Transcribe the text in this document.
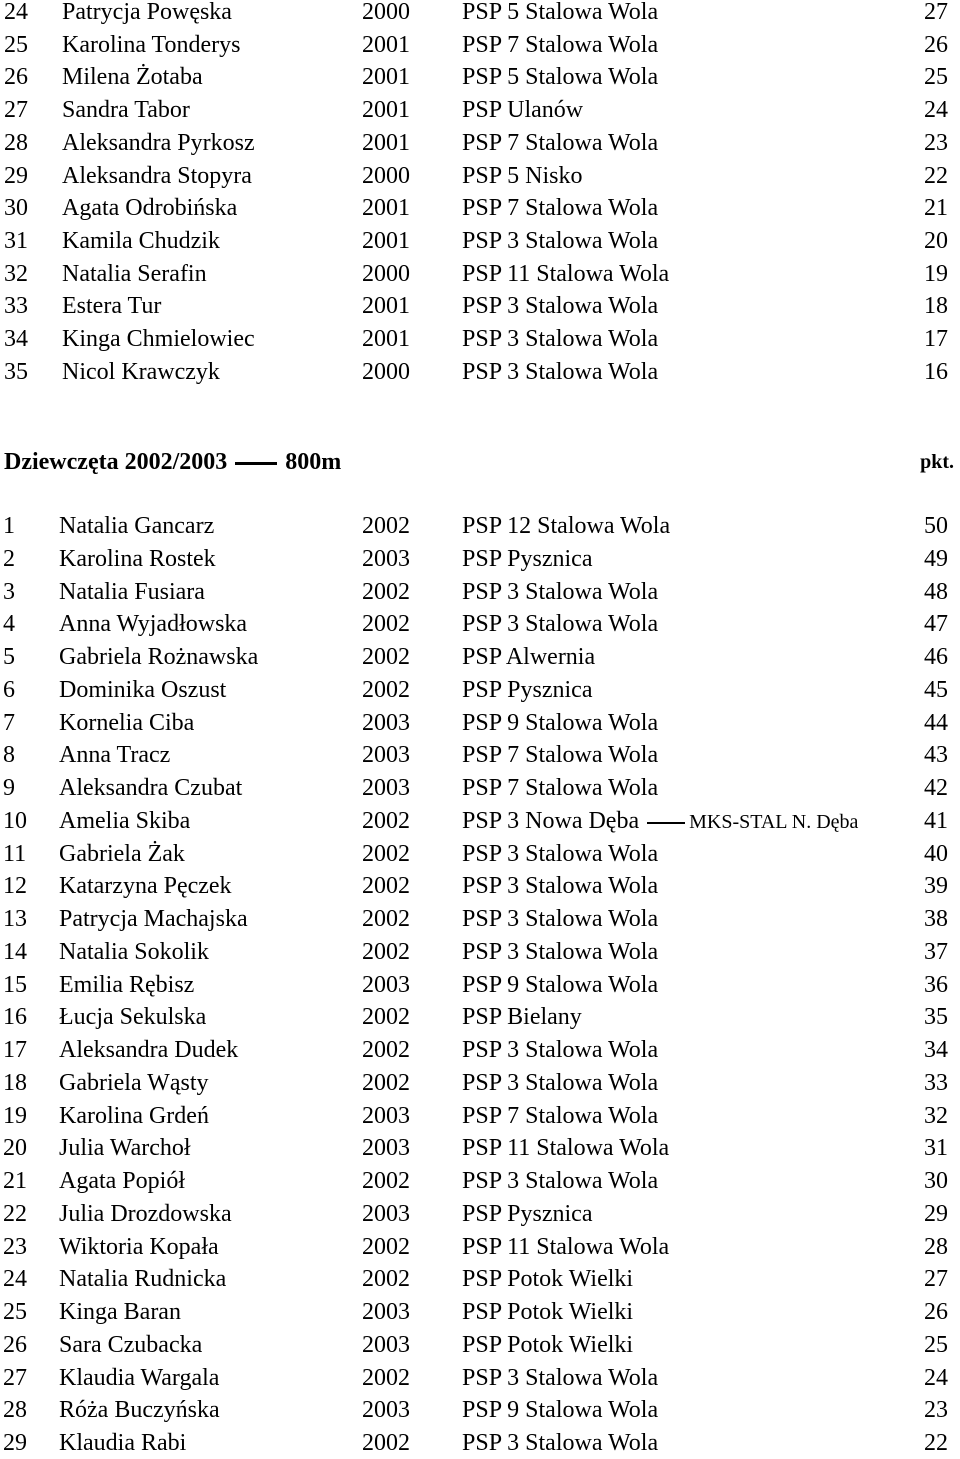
24 Patrycja Powęska	2000 PSP 5 Stalowa Wola	27
25 Karolina Tonderys	2001 PSP 7 Stalowa Wola	26
26 Milena Żotaba	2001 PSP 5 Stalowa Wola	25
27 Sandra Tabor	2001 PSP Ulanów	24
28 Aleksandra Pyrkosz	2001 PSP 7 Stalowa Wola	23
29 Aleksandra Stopyra	2000 PSP 5 Nisko	22
30 Agata Odrobińska	2001 PSP 7 Stalowa Wola	21
31 Kamila Chudzik	2001 PSP 3 Stalowa Wola	20
32 Natalia Serafin	2000 PSP 11 Stalowa Wola	19
33 Estera Tur	2001 PSP 3 Stalowa Wola	18
34 Kinga Chmielowiec	2001 PSP 3 Stalowa Wola	17
35 Nicol Krawczyk	2000 PSP 3 Stalowa Wola	16
Dziewczęta 2002/2003 800m	pkt.
1 Natalia Gancarz	2002 PSP 12 Stalowa Wola	50
2 Karolina Rostek	2003 PSP Pysznica	49
3 Natalia Fusiara	2002 PSP 3 Stalowa Wola	48
4 Anna Wyjadłowska	2002 PSP 3 Stalowa Wola	47
5 Gabriela Rożnawska	2002 PSP Alwernia	46
6 Dominika Oszust	2002 PSP Pysznica	45
7 Kornelia Ciba	2003 PSP 9 Stalowa Wola	44
8 Anna Tracz	2003 PSP 7 Stalowa Wola	43
9 Aleksandra Czubat	2003 PSP 7 Stalowa Wola	42
10 Amelia Skiba	2002 PSP 3 Nowa Dęba	MKS-STAL N. Dęba	41
11 Gabriela Żak	2002 PSP 3 Stalowa Wola	40
12 Katarzyna Pęczek	2002 PSP 3 Stalowa Wola	39
13 Patrycja Machajska	2002 PSP 3 Stalowa Wola	38
14 Natalia Sokolik	2002 PSP 3 Stalowa Wola	37
15 Emilia Rębisz	2003 PSP 9 Stalowa Wola	36
16 Łucja Sekulska	2002 PSP Bielany	35
17 Aleksandra Dudek	2002 PSP 3 Stalowa Wola	34
18 Gabriela Wąsty	2002 PSP 3 Stalowa Wola	33
19 Karolina Grdeń	2003 PSP 7 Stalowa Wola	32
20 Julia Warchoł	2003 PSP 11 Stalowa Wola	31
21 Agata Popiół	2002 PSP 3 Stalowa Wola	30
22 Julia Drozdowska	2003 PSP Pysznica	29
23 Wiktoria Kopała	2002 PSP 11 Stalowa Wola	28
24 Natalia Rudnicka	2002 PSP Potok Wielki	27
25 Kinga Baran	2003 PSP Potok Wielki	26
26 Sara Czubacka	2003 PSP Potok Wielki	25
27 Klaudia Wargala	2002 PSP 3 Stalowa Wola	24
28 Róża Buczyńska	2003 PSP 9 Stalowa Wola	23
29 Klaudia Rabi	2002 PSP 3 Stalowa Wola	22
